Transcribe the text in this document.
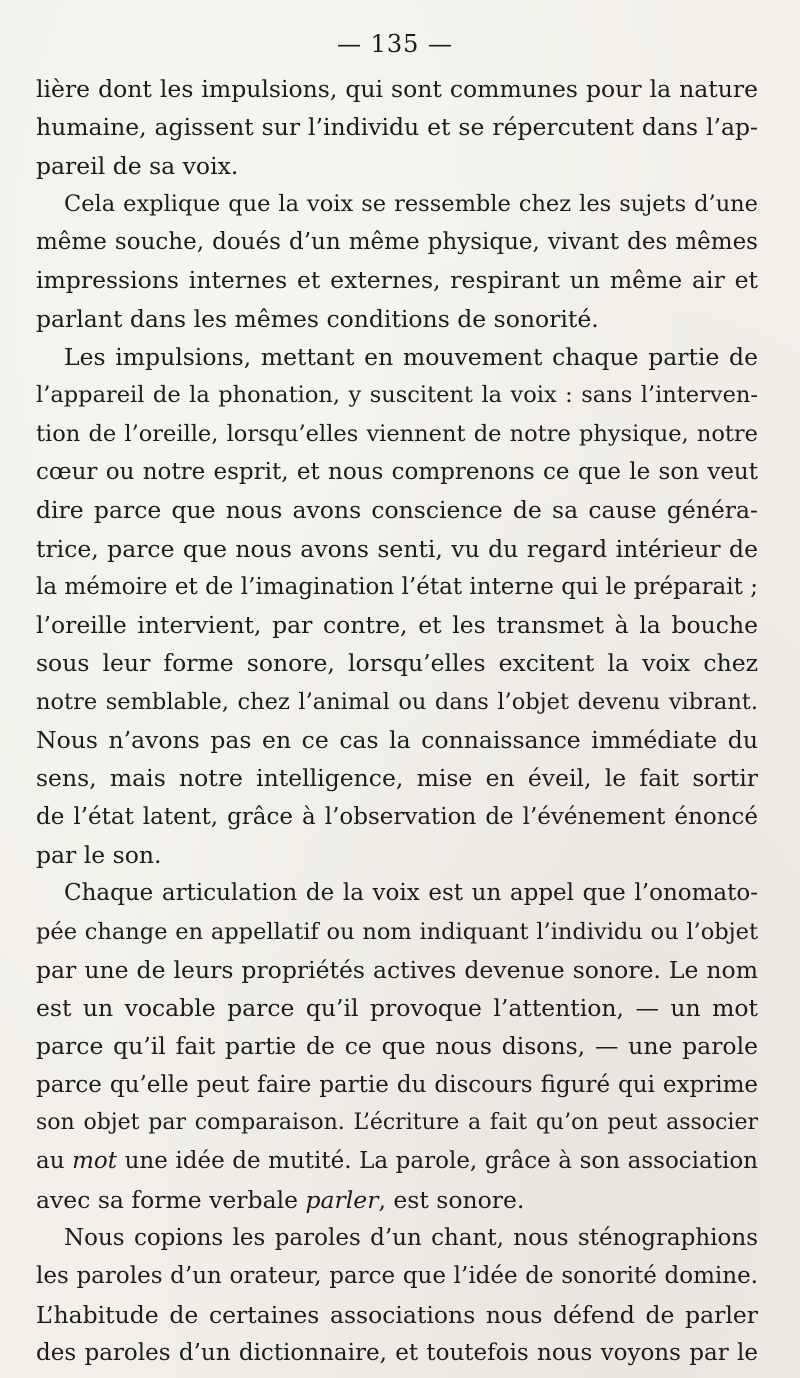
— 135 —

lière dont les impulsions, qui sont communes pour la nature
humaine, agissent sur l’individu et se répercutent dans l’ap-
pareil de sa voix.

Cela explique que la voix se ressemble chez les sujets d’une
même souche, doués d’un même physique, vivant des mêmes
impressions internes et externes, respirant un même air et
parlant dans les mêmes conditions de sonorité.

Les impulsions, mettant en mouvement chaque partie de
l’appareil de la phonation, y suscitent la voix : sans l’interven-
tion de l’oreille, lorsqu’elles viennent de notre physique, notre
cœur ou notre esprit, et nous comprenons ce que le son veut
dire parce que nous avons conscience de sa cause généra-
trice, parce que nous avons senti, vu du regard intérieur de
la mémoire et de l’imagination l’état interne qui le préparait ;
l’oreille intervient, par contre, et les transmet à la bouche
sous leur forme sonore, lorsqu’elles excitent la voix chez
notre semblable, chez l’animal ou dans l’objet devenu vibrant.
Nous n’avons pas en ce cas la connaissance immédiate du
sens, mais notre intelligence, mise en éveil, le fait sortir
de l’état latent, grâce à l’observation de l’événement énoncé
par le son.

Chaque articulation de la voix est un appel que l’onomato-
pée change en appellatif ou nom indiquant l’individu ou l’objet
par une de leurs propriétés actives devenue sonore. Le nom
est un vocable parce qu’il provoque l’attention, — un mot
parce qu’il fait partie de ce que nous disons, — une parole
parce qu’elle peut faire partie du discours figuré qui exprime
son objet par comparaison. L’écriture a fait qu’on peut associer
au mot une idée de mutité. La parole, grâce à son association
avec sa forme verbale parler, est sonore.

Nous copions les paroles d’un chant, nous sténographions
les paroles d’un orateur, parce que l’idée de sonorité domine.
L’habitude de certaines associations nous défend de parler
des paroles d’un dictionnaire, et toutefois nous voyons par le
